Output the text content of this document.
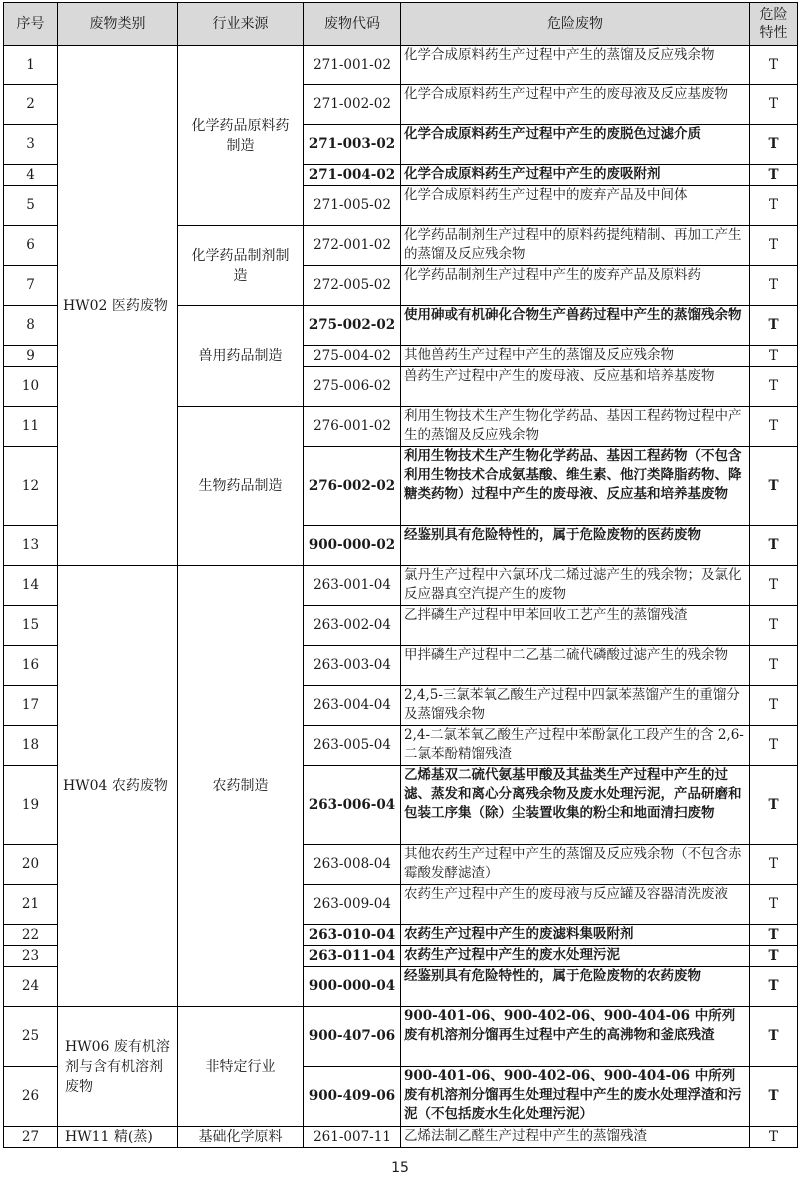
序号	废物类别	行业来源	废物代码	危险废物	危险特性
1	HW02 医药废物	化学药品原料药制造	271-001-02	化学合成原料药生产过程中产生的蒸馏及反应残余物	T
2			271-002-02	化学合成原料药生产过程中产生的废母液及反应基废物	T
3			271-003-02	化学合成原料药生产过程中产生的废脱色过滤介质	T
4			271-004-02	化学合成原料药生产过程中产生的废吸附剂	T
5			271-005-02	化学合成原料药生产过程中的废弃产品及中间体	T
6		化学药品制剂制造	272-001-02	化学药品制剂生产过程中的原料药提纯精制、再加工产生的蒸馏及反应残余物	T
7			272-005-02	化学药品制剂生产过程中产生的废弃产品及原料药	T
8		兽用药品制造	275-002-02	使用砷或有机砷化合物生产兽药过程中产生的蒸馏残余物	T
9			275-004-02	其他兽药生产过程中产生的蒸馏及反应残余物	T
10			275-006-02	兽药生产过程中产生的废母液、反应基和培养基废物	T
11		生物药品制造	276-001-02	利用生物技术生产生物化学药品、基因工程药物过程中产生的蒸馏及反应残余物	T
12			276-002-02	利用生物技术生产生物化学药品、基因工程药物（不包含利用生物技术合成氨基酸、维生素、他汀类降脂药物、降糖类药物）过程中产生的废母液、反应基和培养基废物	T
13			900-000-02	经鉴别具有危险特性的，属于危险废物的医药废物	T
14	HW04 农药废物	农药制造	263-001-04	氯丹生产过程中六氯环戊二烯过滤产生的残余物；及氯化反应器真空汽提产生的废物	T
15			263-002-04	乙拌磷生产过程中甲苯回收工艺产生的蒸馏残渣	T
16			263-003-04	甲拌磷生产过程中二乙基二硫代磷酸过滤产生的残余物	T
17			263-004-04	2,4,5-三氯苯氧乙酸生产过程中四氯苯蒸馏产生的重馏分及蒸馏残余物	T
18			263-005-04	2,4-二氯苯氧乙酸生产过程中苯酚氯化工段产生的含 2,6-二氯苯酚精馏残渣	T
19			263-006-04	乙烯基双二硫代氨基甲酸及其盐类生产过程中产生的过滤、蒸发和离心分离残余物及废水处理污泥，产品研磨和包装工序集（除）尘装置收集的粉尘和地面清扫废物	T
20			263-008-04	其他农药生产过程中产生的蒸馏及反应残余物（不包含赤霉酸发酵滤渣）	T
21			263-009-04	农药生产过程中产生的废母液与反应罐及容器清洗废液	T
22			263-010-04	农药生产过程中产生的废滤料集吸附剂	T
23			263-011-04	农药生产过程中产生的废水处理污泥	T
24			900-000-04	经鉴别具有危险特性的，属于危险废物的农药废物	T
25	HW06 废有机溶剂与含有机溶剂废物	非特定行业	900-407-06	900-401-06、900-402-06、900-404-06 中所列废有机溶剂分馏再生过程中产生的高沸物和釜底残渣	T
26			900-409-06	900-401-06、900-402-06、900-404-06 中所列废有机溶剂分馏再生处理过程中产生的废水处理浮渣和污泥（不包括废水生化处理污泥）	T
27	HW11 精(蒸)	基础化学原料	261-007-11	乙烯法制乙醛生产过程中产生的蒸馏残渣	T
15
